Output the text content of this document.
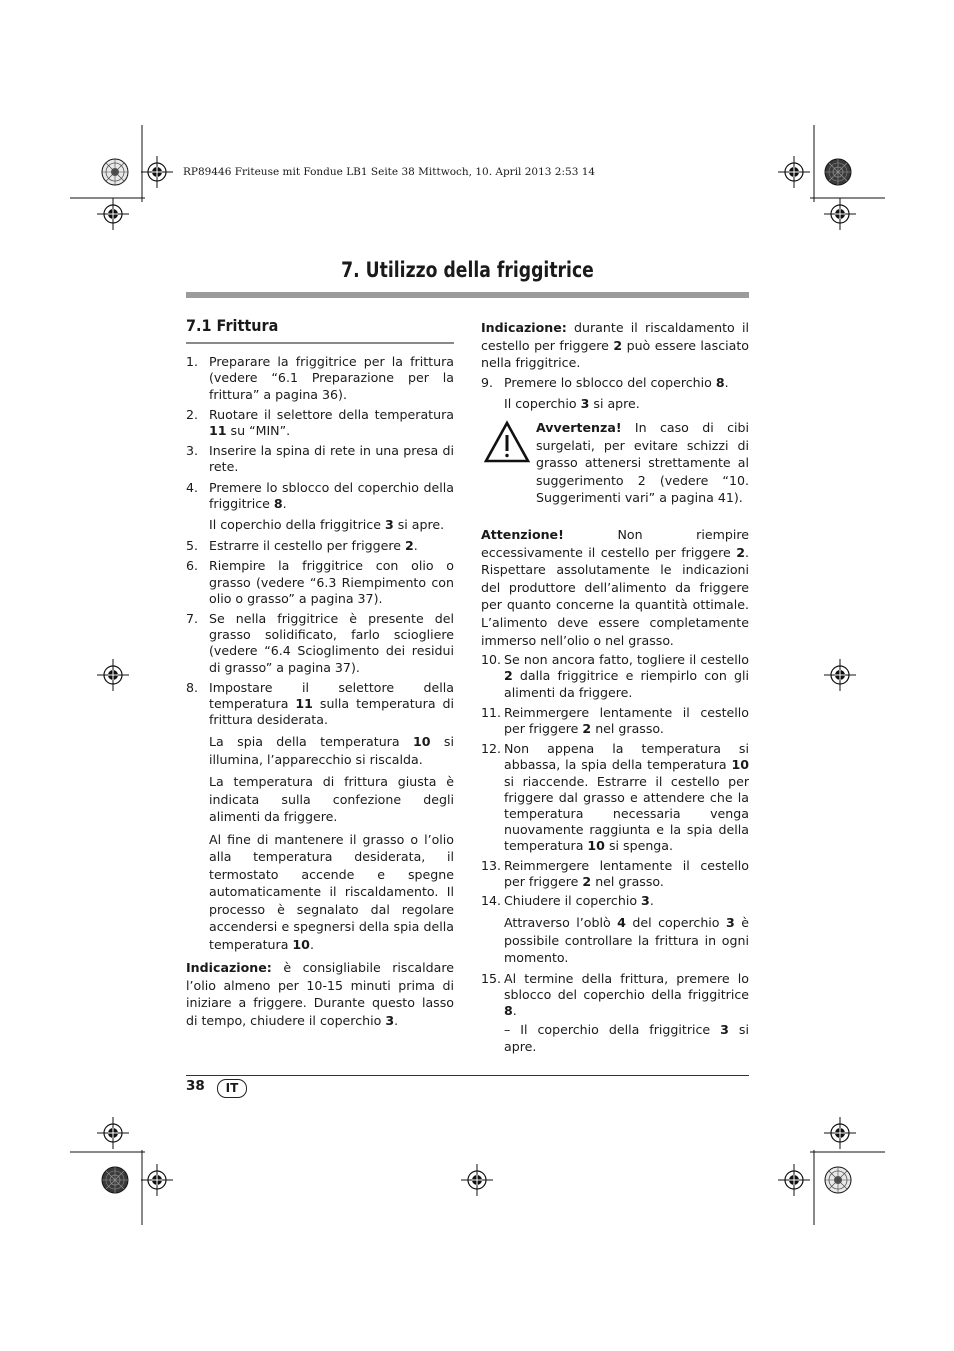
RP89446 Friteuse mit Fondue LB1 Seite 38 Mittwoch, 10. April 2013 2:53 14
7. Utilizzo della friggitrice
7.1 Frittura

1. Preparare la friggitrice per la frittura (vedere “6.1 Preparazione per la frittura” a pagina 36).

2. Ruotare il selettore della temperatura 11 su “MIN”.

3. Inserire la spina di rete in una presa di rete.

4. Premere lo sblocco del coperchio della friggitrice 8.

Il coperchio della friggitrice 3 si apre.

5. Estrarre il cestello per friggere 2.

6. Riempire la friggitrice con olio o grasso (vedere “6.3 Riempimento con olio o grasso” a pagina 37).

7. Se nella friggitrice è presente del grasso solidificato, farlo sciogliere (vedere “6.4 Scioglimento dei residui di grasso” a pagina 37).

8. Impostare il selettore della temperatura 11 sulla temperatura di frittura desiderata.

La spia della temperatura 10 si illumina, l’apparecchio si riscalda.

La temperatura di frittura giusta è indicata sulla confezione degli alimenti da friggere.

Al fine di mantenere il grasso o l’olio alla temperatura desiderata, il termostato accende e spegne automaticamente il riscaldamento. Il processo è segnalato dal regolare accendersi e spegnersi della spia della temperatura 10.

Indicazione: è consigliabile riscaldare l’olio almeno per 10-15 minuti prima di iniziare a friggere. Durante questo lasso di tempo, chiudere il coperchio 3.

Indicazione: durante il riscaldamento il cestello per friggere 2 può essere lasciato nella friggitrice.

9. Premere lo sblocco del coperchio 8.

Il coperchio 3 si apre.

Avvertenza! In caso di cibi surgelati, per evitare schizzi di grasso attenersi strettamente al suggerimento 2 (vedere “10. Suggerimenti vari” a pagina 41).

Attenzione! Non riempire eccessivamente il cestello per friggere 2. Rispettare assolutamente le indicazioni del produttore dell’alimento da friggere per quanto concerne la quantità ottimale. L’alimento deve essere completamente immerso nell’olio o nel grasso.

10. Se non ancora fatto, togliere il cestello 2 dalla friggitrice e riempirlo con gli alimenti da friggere.

11. Reimmergere lentamente il cestello per friggere 2 nel grasso.

12. Non appena la temperatura si abbassa, la spia della temperatura 10 si riaccende. Estrarre il cestello per friggere dal grasso e attendere che la temperatura necessaria venga nuovamente raggiunta e la spia della temperatura 10 si spenga.

13. Reimmergere lentamente il cestello per friggere 2 nel grasso.

14. Chiudere il coperchio 3.

Attraverso l’oblò 4 del coperchio 3 è possibile controllare la frittura in ogni momento.

15. Al termine della frittura, premere lo sblocco del coperchio della friggitrice 8.

– Il coperchio della friggitrice 3 si apre.

38	IT
